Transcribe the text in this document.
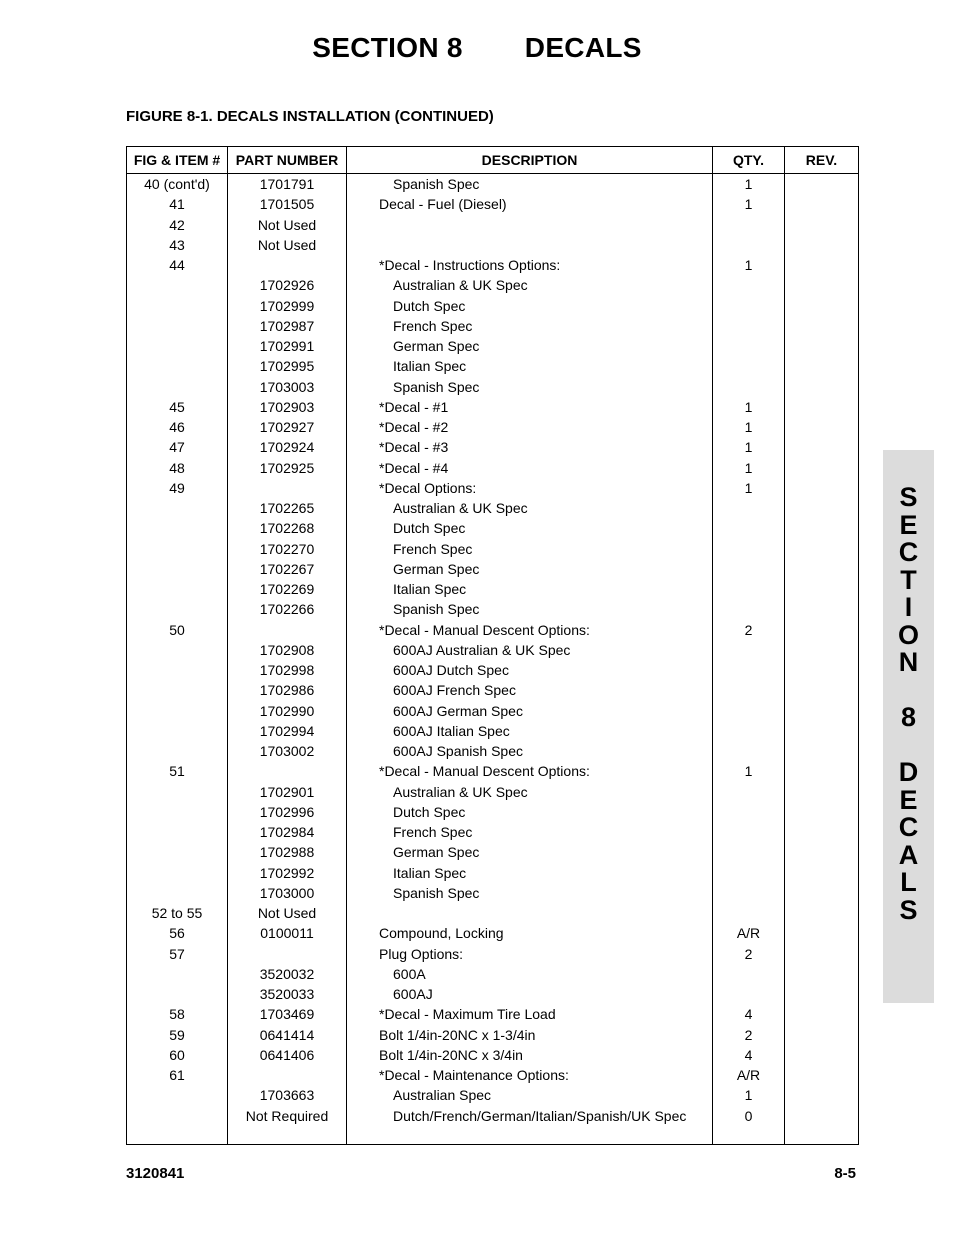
SECTION 8 DECALS
FIGURE 8-1. DECALS INSTALLATION (CONTINUED)
FIG & ITEM #	PART NUMBER	DESCRIPTION	QTY.	REV.
40 (cont'd)	1701791	Spanish Spec	1	
41	1701505	Decal - Fuel (Diesel)	1	
42	Not Used			
43	Not Used			
44		*Decal - Instructions Options:	1	
	1702926	Australian & UK Spec		
	1702999	Dutch Spec		
	1702987	French Spec		
	1702991	German Spec		
	1702995	Italian Spec		
	1703003	Spanish Spec		
45	1702903	*Decal - #1	1	
46	1702927	*Decal - #2	1	
47	1702924	*Decal - #3	1	
48	1702925	*Decal - #4	1	
49		*Decal Options:	1	
	1702265	Australian & UK Spec		
	1702268	Dutch Spec		
	1702270	French Spec		
	1702267	German Spec		
	1702269	Italian Spec		
	1702266	Spanish Spec		
50		*Decal - Manual Descent Options:	2	
	1702908	600AJ Australian & UK Spec		
	1702998	600AJ Dutch Spec		
	1702986	600AJ French Spec		
	1702990	600AJ German Spec		
	1702994	600AJ Italian Spec		
	1703002	600AJ Spanish Spec		
51		*Decal - Manual Descent Options:	1	
	1702901	Australian & UK Spec		
	1702996	Dutch Spec		
	1702984	French Spec		
	1702988	German Spec		
	1702992	Italian Spec		
	1703000	Spanish Spec		
52 to 55	Not Used			
56	0100011	Compound, Locking	A/R	
57		Plug Options:	2	
	3520032	600A		
	3520033	600AJ		
58	1703469	*Decal - Maximum Tire Load	4	
59	0641414	Bolt 1/4in-20NC x 1-3/4in	2	
60	0641406	Bolt 1/4in-20NC x 3/4in	4	
61		*Decal - Maintenance Options:	A/R	
	1703663	Australian Spec	1	
	Not Required	Dutch/French/German/Italian/Spanish/UK Spec	0	
3120841	8-5
S
E
C
T
I
O
N
8
D
E
C
A
L
S
